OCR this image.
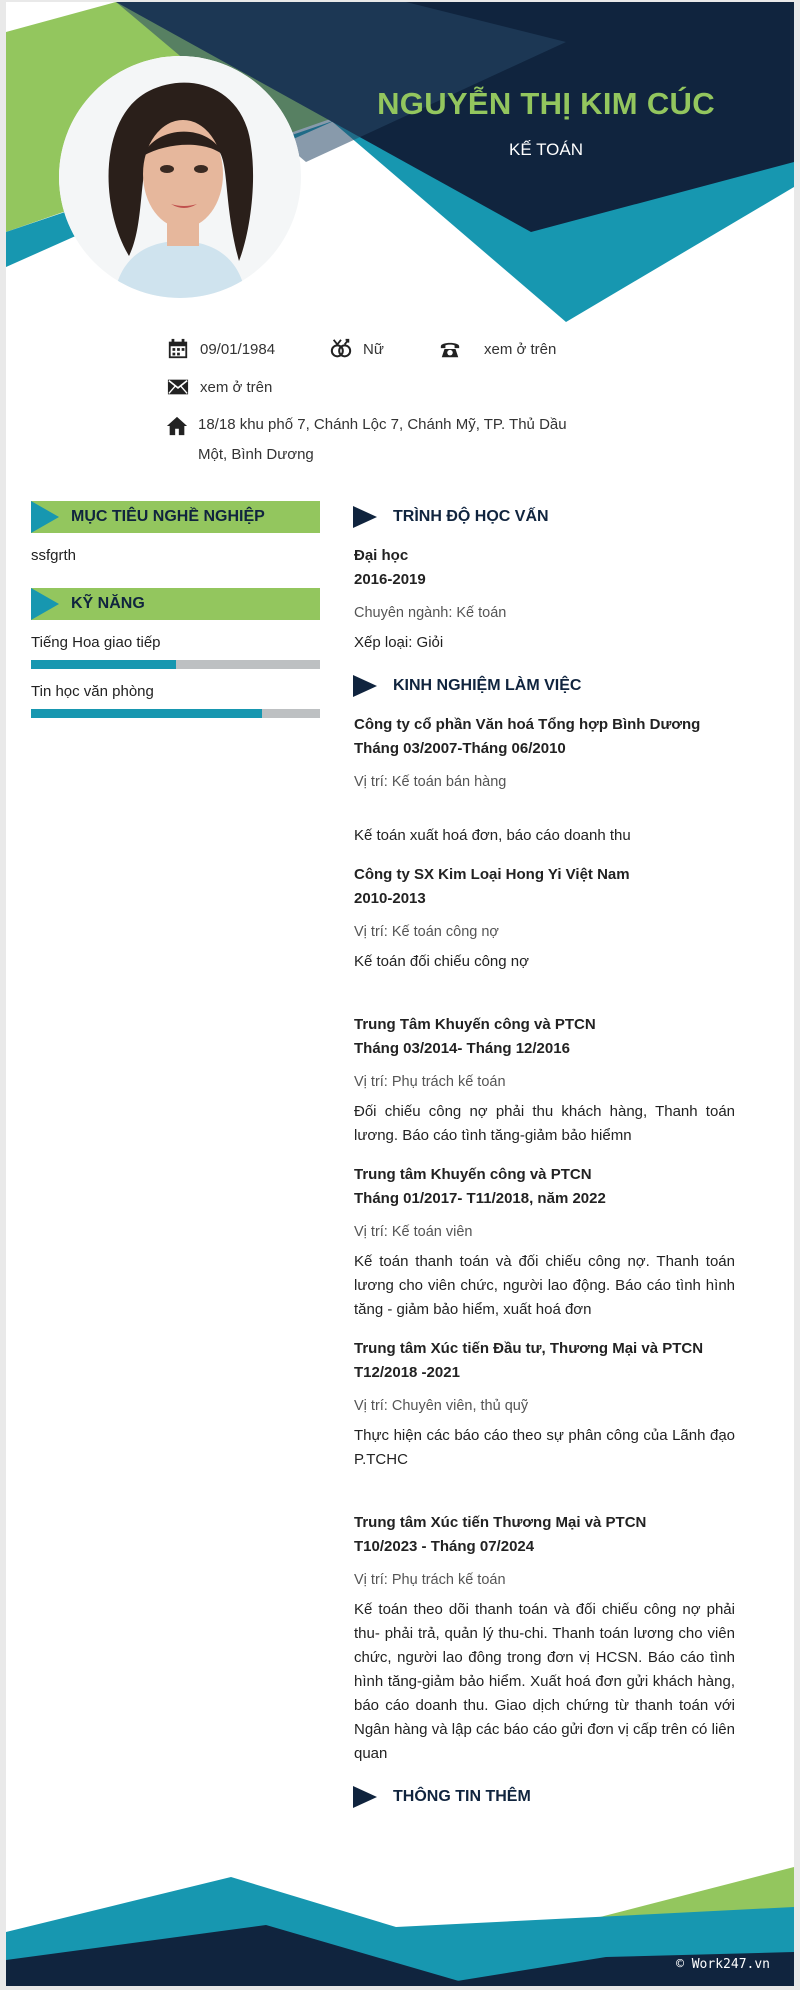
NGUYỄN THỊ KIM CÚC
KẾ TOÁN
09/01/1984	Nữ	xem ở trên
xem ở trên
18/18 khu phố 7, Chánh Lộc 7, Chánh Mỹ, TP. Thủ Dầu Một, Bình Dương
MỤC TIÊU NGHỀ NGHIỆP
ssfgrth
KỸ NĂNG
Tiếng Hoa giao tiếp
Tin học văn phòng
TRÌNH ĐỘ HỌC VẤN
Đại học
2016-2019
Chuyên ngành: Kế toán
Xếp loại: Giỏi
KINH NGHIỆM LÀM VIỆC
Công ty cổ phần Văn hoá Tổng hợp Bình Dương
Tháng 03/2007-Tháng 06/2010
Vị trí: Kế toán bán hàng
Kế toán xuất hoá đơn, báo cáo doanh thu
Công ty SX Kim Loại Hong Yi Việt Nam
2010-2013
Vị trí: Kế toán công nợ
Kế toán đối chiếu công nợ
Trung Tâm Khuyến công và PTCN
Tháng 03/2014- Tháng 12/2016
Vị trí: Phụ trách kế toán
Đối chiếu công nợ phải thu khách hàng, Thanh toán lương. Báo cáo tình tăng-giảm bảo hiểmn
Trung tâm Khuyến công và PTCN
Tháng 01/2017- T11/2018, năm 2022
Vị trí: Kế toán viên
Kế toán thanh toán và đối chiếu công nợ. Thanh toán lương cho viên chức, người lao động. Báo cáo tình hình tăng - giảm bảo hiểm, xuất hoá đơn
Trung tâm Xúc tiến Đầu tư, Thương Mại và PTCN
T12/2018 -2021
Vị trí: Chuyên viên, thủ quỹ
Thực hiện các báo cáo theo sự phân công của Lãnh đạo P.TCHC
Trung tâm Xúc tiến Thương Mại và PTCN
T10/2023 - Tháng 07/2024
Vị trí: Phụ trách kế toán
Kế toán theo dõi thanh toán và đối chiếu công nợ phải thu- phải trả, quản lý thu-chi. Thanh toán lương cho viên chức, người lao đông trong đơn vị HCSN. Báo cáo tình hình tăng-giảm bảo hiểm. Xuất hoá đơn gửi khách hàng, báo cáo doanh thu. Giao dịch chứng từ thanh toán với Ngân hàng và lập các báo cáo gửi đơn vị cấp trên có liên quan
THÔNG TIN THÊM
© Work247.vn
